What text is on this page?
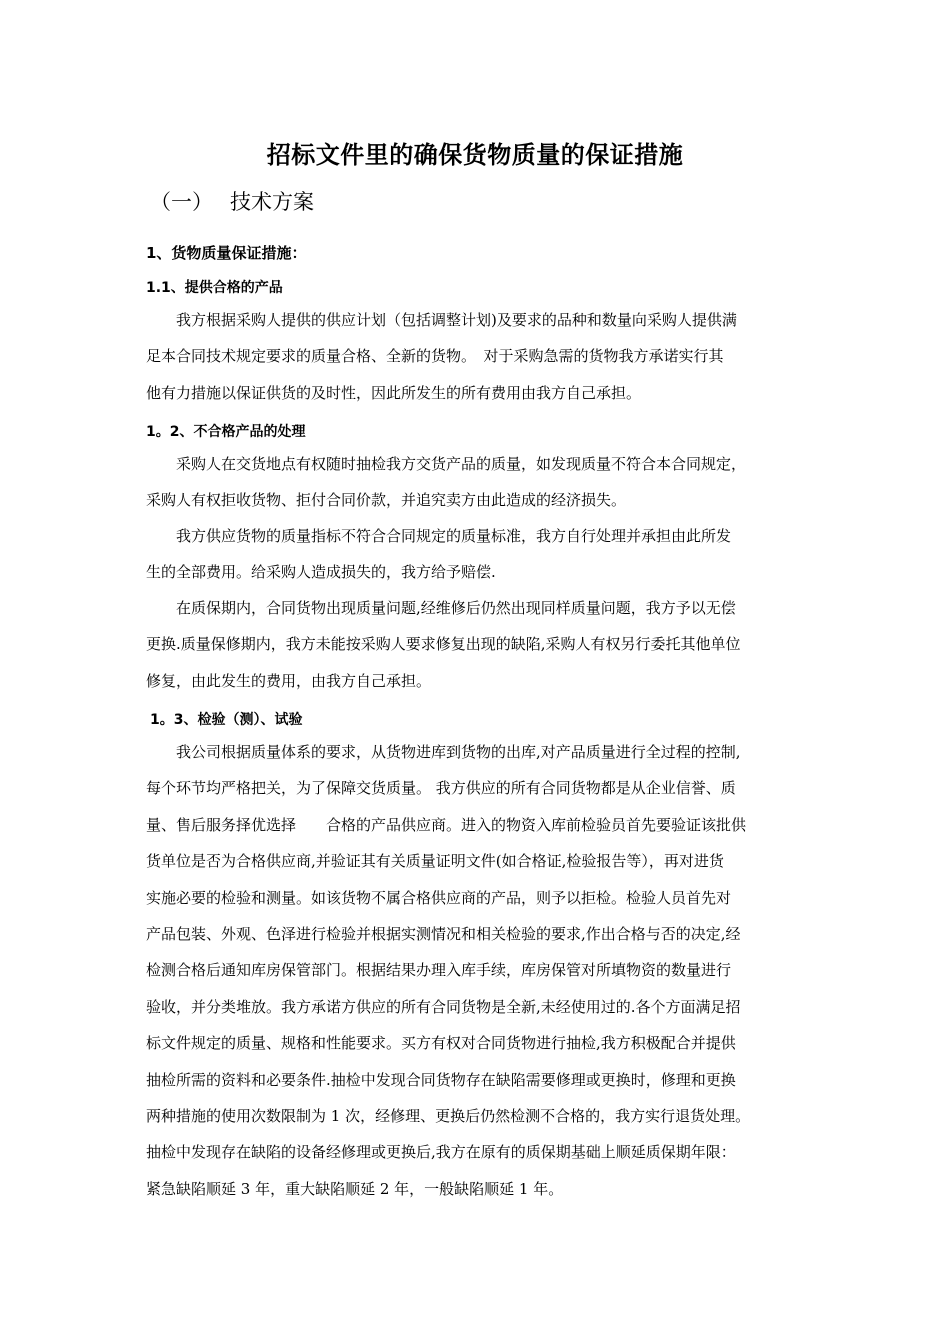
招标文件里的确保货物质量的保证措施
（一） 技术方案
1、货物质量保证措施：
1.1、提供合格的产品
　　我方根据采购人提供的供应计划（包括调整计划)及要求的品种和数量向采购人提供满
足本合同技术规定要求的质量合格、全新的货物。　对于采购急需的货物我方承诺实行其
他有力措施以保证供货的及时性，因此所发生的所有费用由我方自己承担。
1。2、不合格产品的处理
　　采购人在交货地点有权随时抽检我方交货产品的质量，如发现质量不符合本合同规定，
采购人有权拒收货物、拒付合同价款，并追究卖方由此造成的经济损失。
　　我方供应货物的质量指标不符合合同规定的质量标准，我方自行处理并承担由此所发
生的全部费用。给采购人造成损失的，我方给予赔偿.
　　在质保期内，合同货物出现质量问题,经维修后仍然出现同样质量问题，我方予以无偿
更换.质量保修期内，我方未能按采购人要求修复出现的缺陷,采购人有权另行委托其他单位
修复，由此发生的费用，由我方自己承担。
1。3、检验（测）、试验
　　我公司根据质量体系的要求，从货物进库到货物的出库,对产品质量进行全过程的控制,
每个环节均严格把关，为了保障交货质量。 我方供应的所有合同货物都是从企业信誉、质
量、售后服务择优选择　　合格的产品供应商。进入的物资入库前检验员首先要验证该批供
货单位是否为合格供应商,并验证其有关质量证明文件(如合格证,检验报告等），再对进货
实施必要的检验和测量。如该货物不属合格供应商的产品，则予以拒检。检验人员首先对
产品包装、外观、色泽进行检验并根据实测情况和相关检验的要求,作出合格与否的决定,经
检测合格后通知库房保管部门。根据结果办理入库手续，库房保管对所填物资的数量进行
验收，并分类堆放。我方承诺方供应的所有合同货物是全新,未经使用过的.各个方面满足招
标文件规定的质量、规格和性能要求。买方有权对合同货物进行抽检,我方积极配合并提供
抽检所需的资料和必要条件.抽检中发现合同货物存在缺陷需要修理或更换时，修理和更换
两种措施的使用次数限制为 1 次，经修理、更换后仍然检测不合格的，我方实行退货处理。
抽检中发现存在缺陷的设备经修理或更换后,我方在原有的质保期基础上顺延质保期年限：
紧急缺陷顺延 3 年，重大缺陷顺延 2 年，一般缺陷顺延 1 年。
